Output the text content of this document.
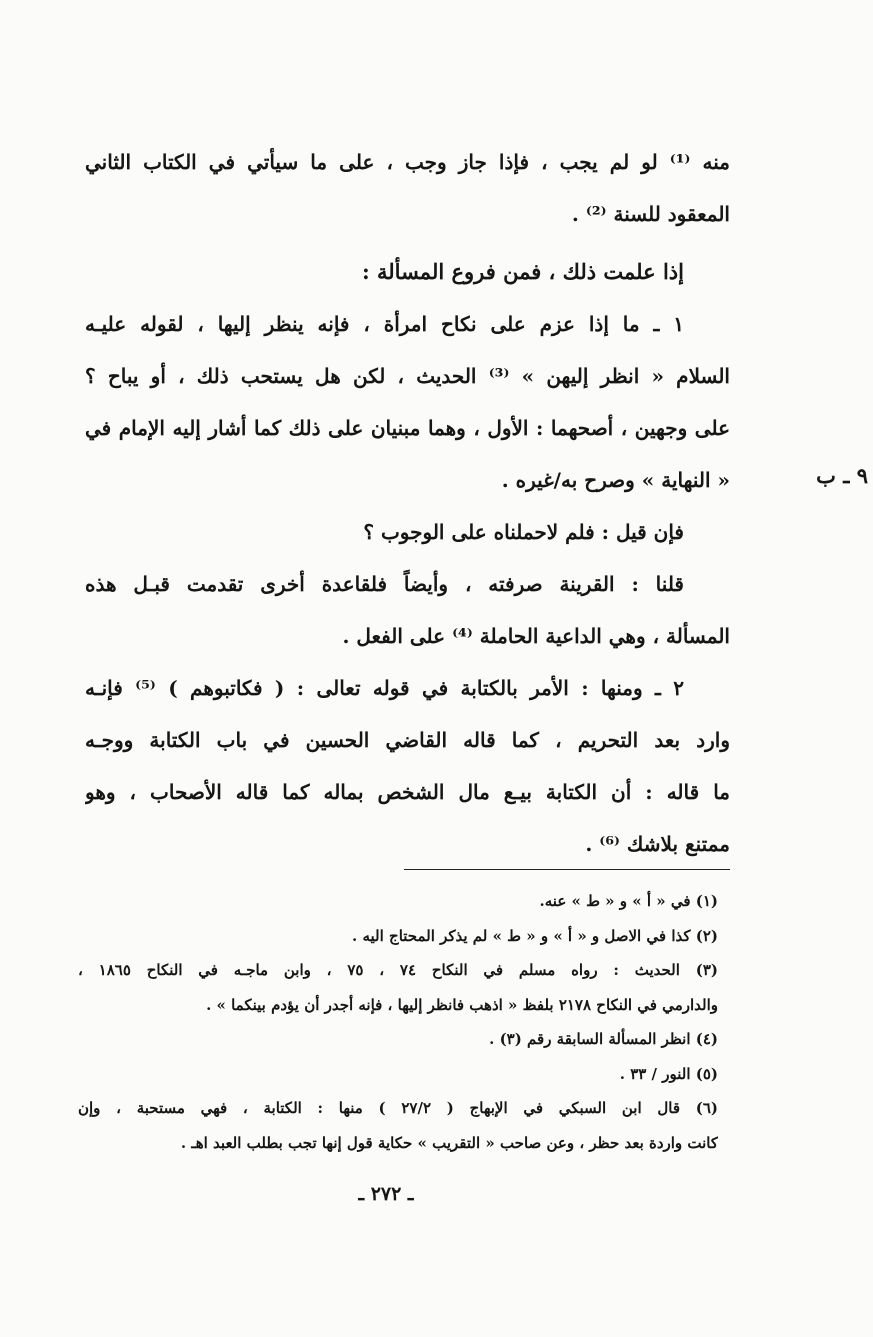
منه ⁽¹⁾ لو لم يجب ، فإذا جاز وجب ، على ما سيأتي في الكتاب الثاني
المعقود للسنة ⁽²⁾ .
إذا علمت ذلك ، فمن فروع المسألة :
١ ـ ما إذا عزم على نكاح امرأة ، فإنه ينظر إليها ، لقوله عليـه
السلام « انظر إليهن » ⁽³⁾ الحديث ، لكن هل يستحب ذلك ، أو يباح ؟
على وجهين ، أصحهما : الأول ، وهما مبنيان على ذلك كما أشار إليه الإمام في
« النهاية » وصرح به/غيره .
فإن قيل : فلم لاحملناه على الوجوب ؟
قلنا : القرينة صرفته ، وأيضاً فلقاعدة أخرى تقدمت قبـل هذه
المسألة ، وهي الداعية الحاملة ⁽⁴⁾ على الفعل .
٢ ـ ومنها : الأمر بالكتابة في قوله تعالى : ( فكاتبوهم ) ⁽⁵⁾ فإنـه
وارد بعد التحريم ، كما قاله القاضي الحسين في باب الكتابة ووجـه
ما قاله : أن الكتابة بيـع مال الشخص بماله كما قاله الأصحاب ، وهو
ممتنع بلاشك ⁽⁶⁾ .
٩ ـ ب
(١) في « أ » و « ط » عنه.
(٢) كذا في الاصل و « أ » و « ط » لم يذكر المحتاج اليه .
(٣) الحديث : رواه مسلم في النكاح ٧٤ ، ٧٥ ، وابن ماجـه في النكاح ١٨٦٥ ،
والدارمي في النكاح ٢١٧٨ بلفظ « اذهب فانظر إليها ، فإنه أجدر أن يؤدم بينكما » .
(٤) انظر المسألة السابقة رقم (٣) .
(٥) النور / ٣٣ .
(٦) قال ابن السبكي في الإبهاج ( ٢٧/٢ ) منها : الكتابة ، فهي مستحبة ، وإن
كانت واردة بعد حظر ، وعن صاحب « التقريب » حكاية قول إنها تجب بطلب العبد اهـ .
ـ ٢٧٢ ـ
